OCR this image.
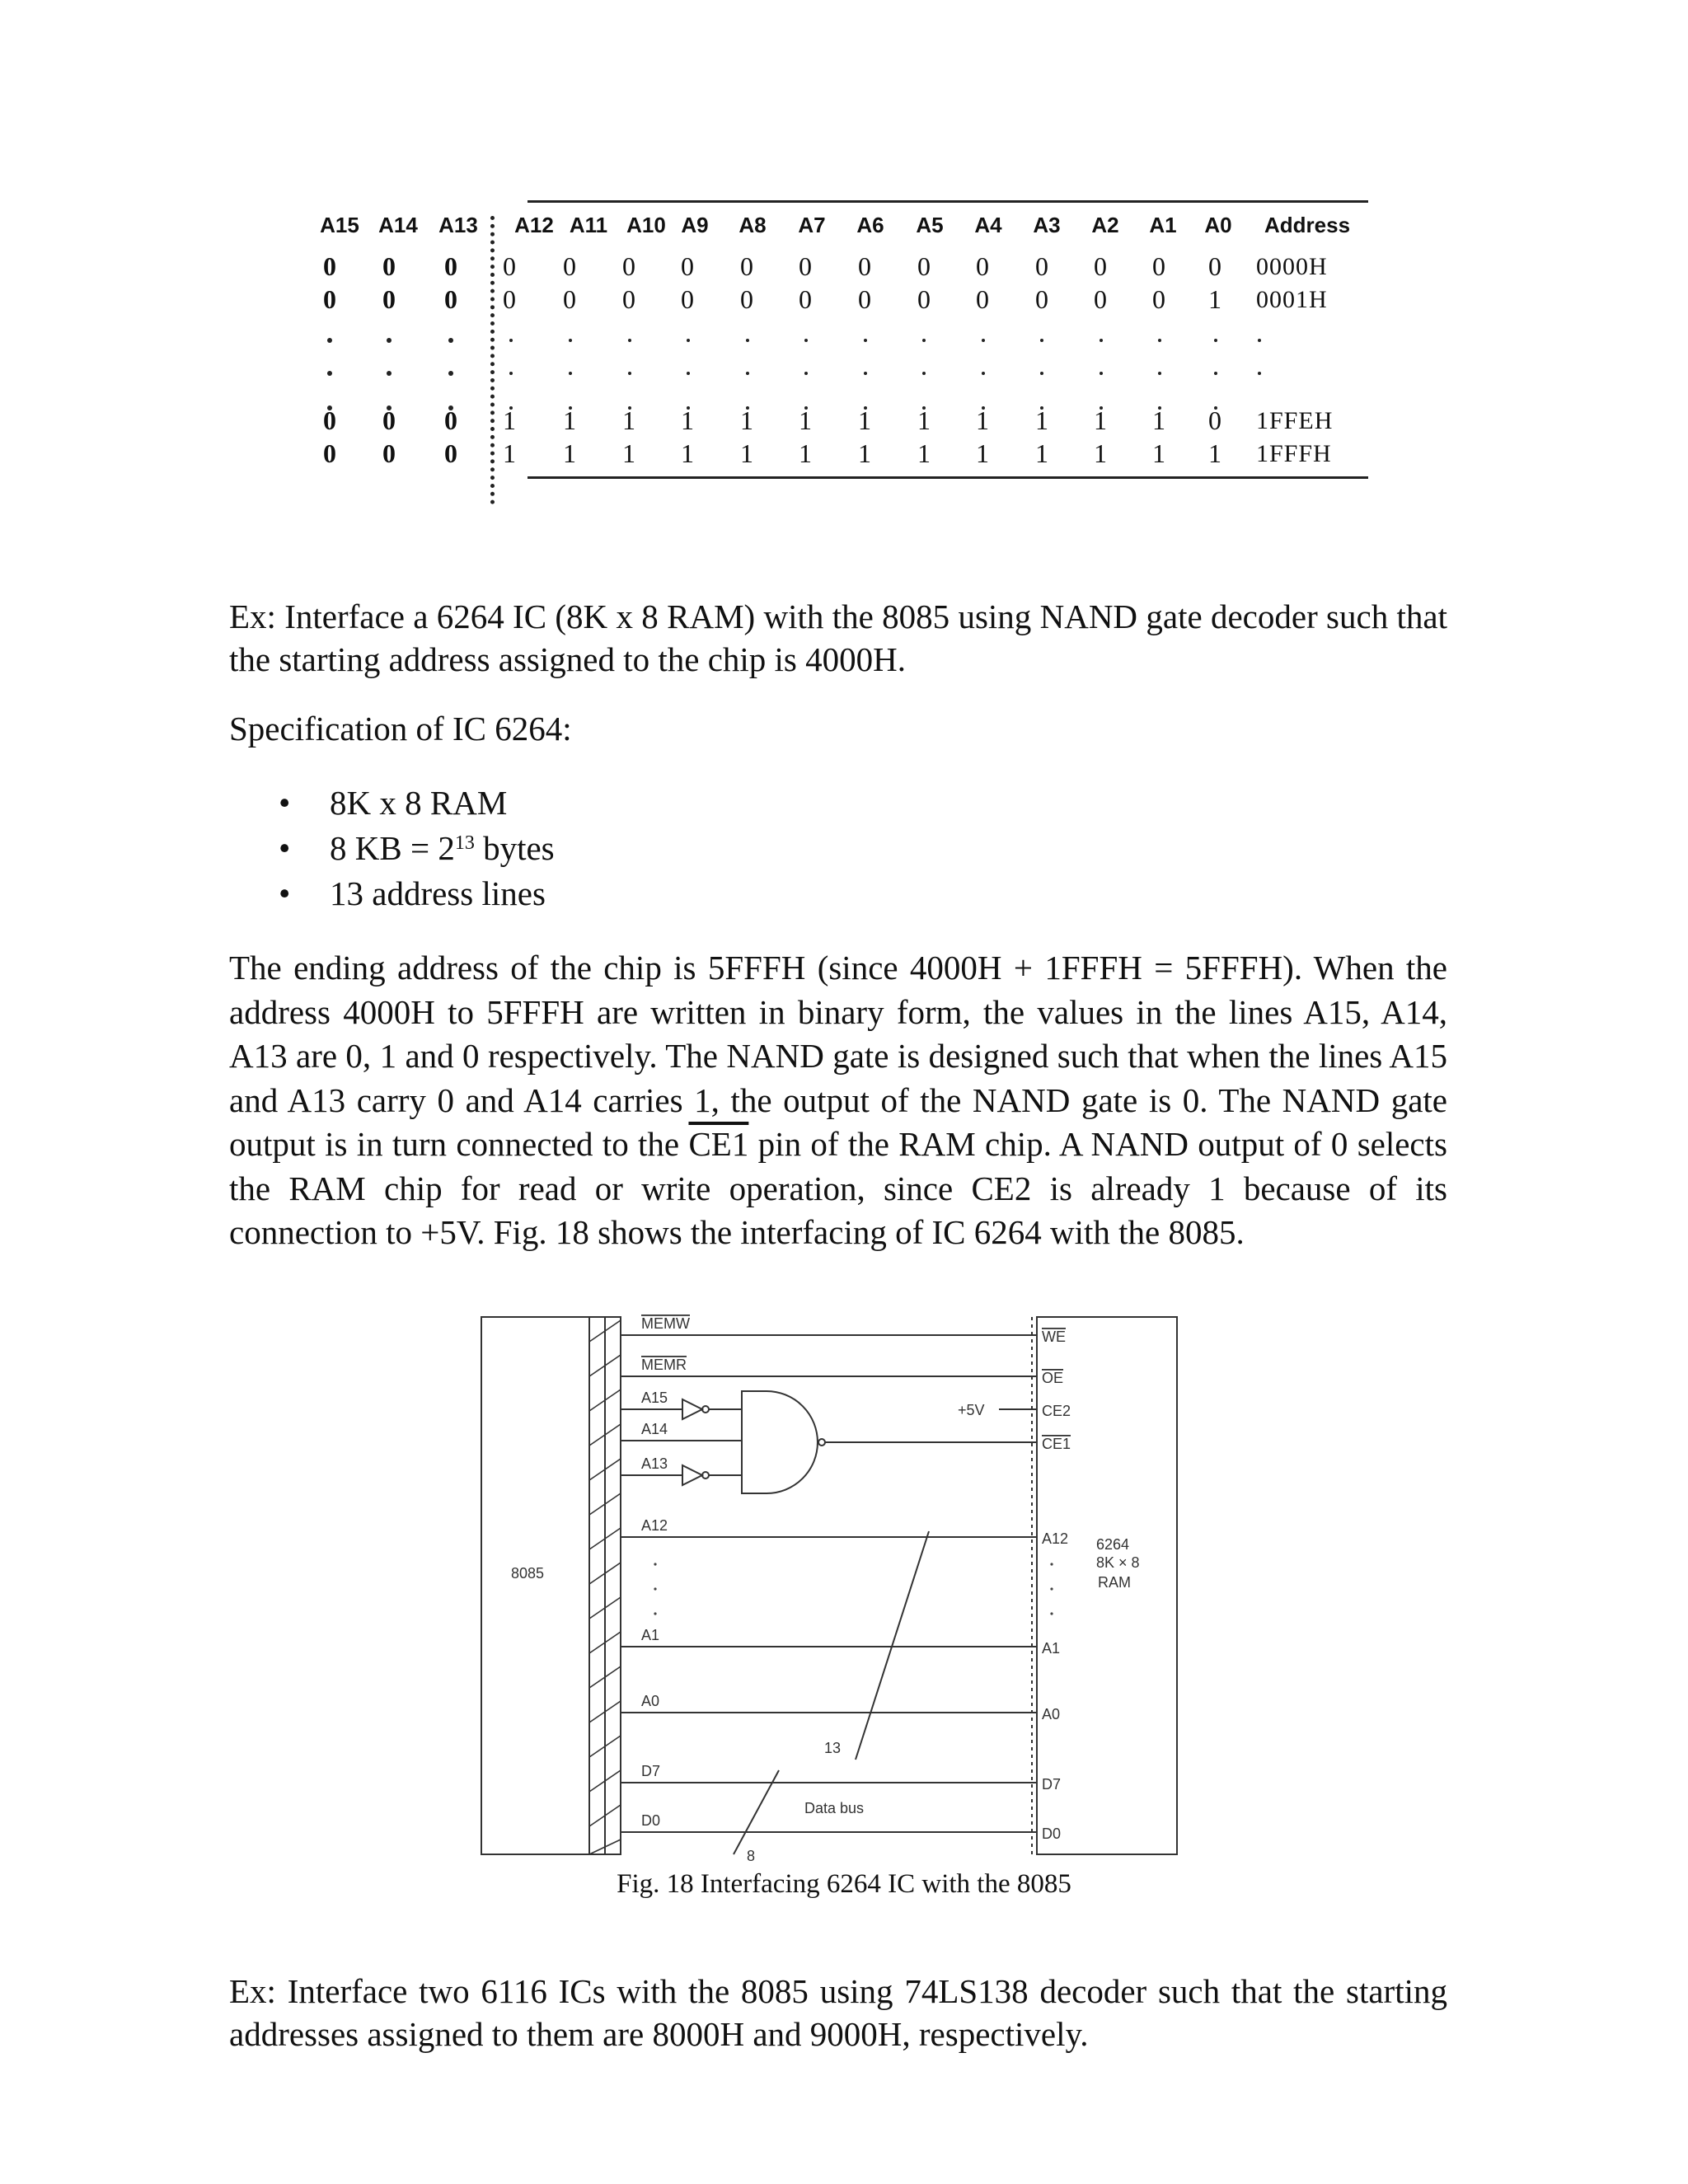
A15 A14 A13 A12 A11 A10 A9 A8 A7 A6 A5 A4 A3 A2 A1 A0 Address
0 0 0 0 0 0 0 0 0 0 0 0 0 0 0 0 0000H
0 0 0 0 0 0 0 0 0 0 0 0 0 0 0 1 0001H
0 0 0 1 1 1 1 1 1 1 1 1 1 1 1 0 1FFEH
0 0 0 1 1 1 1 1 1 1 1 1 1 1 1 1 1FFFH

Ex: Interface a 6264 IC (8K x 8 RAM) with the 8085 using NAND gate decoder such that the starting address assigned to the chip is 4000H.

Specification of IC 6264:

• 8K x 8 RAM
• 8 KB = $2^{13}$ bytes
• 13 address lines

The ending address of the chip is 5FFFH (since 4000H + 1FFFH = 5FFFH). When the address 4000H to 5FFFH are written in binary form, the values in the lines A15, A14, A13 are 0, 1 and 0 respectively. The NAND gate is designed such that when the lines A15 and A13 carry 0 and A14 carries 1, the output of the NAND gate is 0. The NAND gate output is in turn connected to the CE1 pin of the RAM chip. A NAND output of 0 selects the RAM chip for read or write operation, since CE2 is already 1 because of its connection to +5V. Fig. 18 shows the interfacing of IC 6264 with the 8085.

MEMW
MEMR
A15
A14
A13
A12
A1
A0
D7
D0
8085
WE
OE
CE2
CE1
A12
A1
A0
D7
D0
+5V
6264
8K × 8
RAM
13
Data bus
8
Fig. 18 Interfacing 6264 IC with the 8085

Ex: Interface two 6116 ICs with the 8085 using 74LS138 decoder such that the starting addresses assigned to them are 8000H and 9000H, respectively.
